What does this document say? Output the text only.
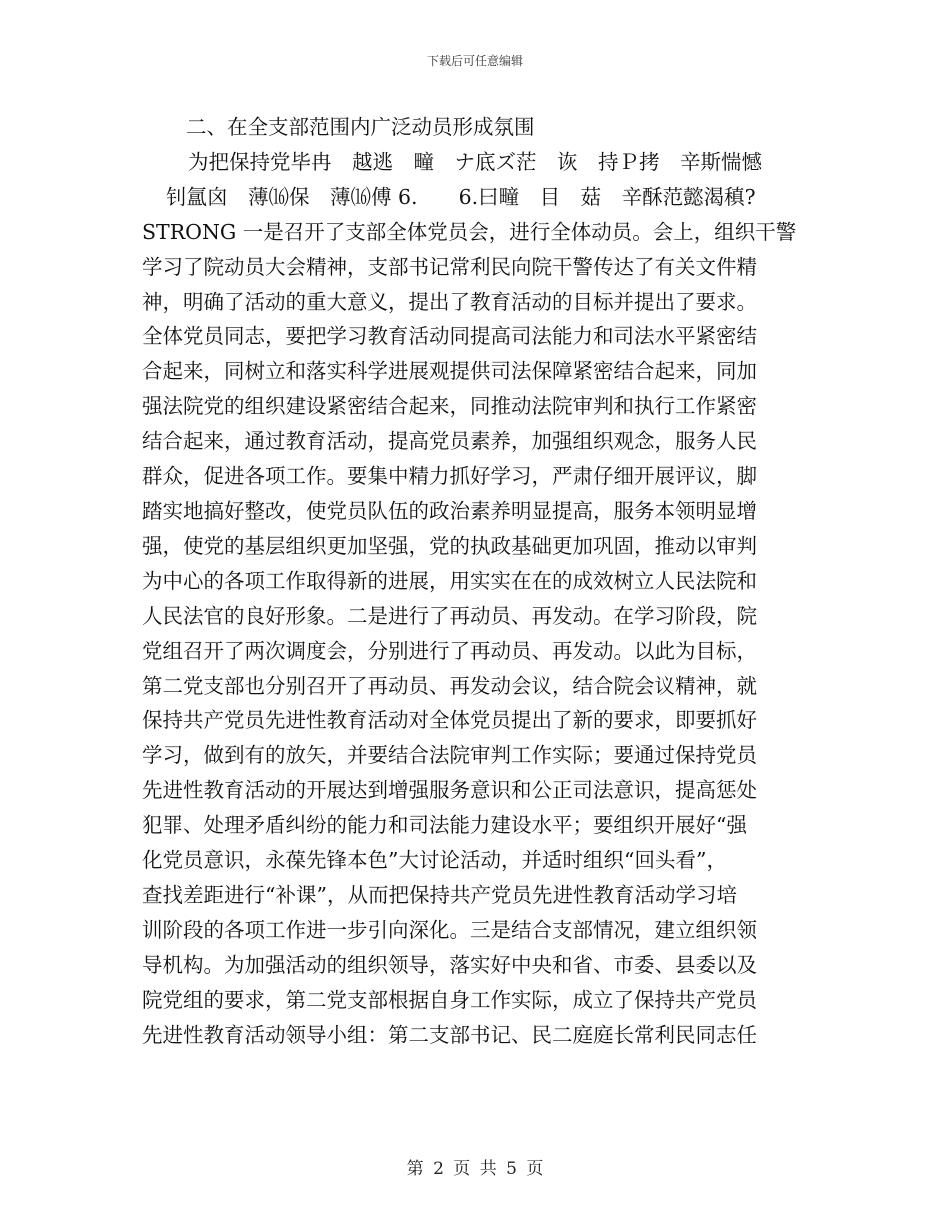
下载后可任意编辑
二、在全支部范围内广泛动员形成氛围
为把保持党毕冉　越逃　疃　ナ底ズ茫　诙　持Ｐ拷　辛斯惴憾
钊氲囟　薄⒃保　薄⒃傅 6.　　6.曰疃　目　菇　辛酥范懿渴稹?
STRONG 一是召开了支部全体党员会，进行全体动员。会上，组织干警
学习了院动员大会精神，支部书记常利民向院干警传达了有关文件精
神，明确了活动的重大意义，提出了教育活动的目标并提出了要求。
全体党员同志，要把学习教育活动同提高司法能力和司法水平紧密结
合起来，同树立和落实科学进展观提供司法保障紧密结合起来，同加
强法院党的组织建设紧密结合起来，同推动法院审判和执行工作紧密
结合起来，通过教育活动，提高党员素养，加强组织观念，服务人民
群众，促进各项工作。要集中精力抓好学习，严肃仔细开展评议，脚
踏实地搞好整改，使党员队伍的政治素养明显提高，服务本领明显增
强，使党的基层组织更加坚强，党的执政基础更加巩固，推动以审判
为中心的各项工作取得新的进展，用实实在在的成效树立人民法院和
人民法官的良好形象。二是进行了再动员、再发动。在学习阶段，院
党组召开了两次调度会，分别进行了再动员、再发动。以此为目标，
第二党支部也分别召开了再动员、再发动会议，结合院会议精神，就
保持共产党员先进性教育活动对全体党员提出了新的要求，即要抓好
学习，做到有的放矢，并要结合法院审判工作实际；要通过保持党员
先进性教育活动的开展达到增强服务意识和公正司法意识，提高惩处
犯罪、处理矛盾纠纷的能力和司法能力建设水平；要组织开展好“强
化党员意识，永葆先锋本色”大讨论活动，并适时组织“回头看”，
查找差距进行“补课”，从而把保持共产党员先进性教育活动学习培
训阶段的各项工作进一步引向深化。三是结合支部情况，建立组织领
导机构。为加强活动的组织领导，落实好中央和省、市委、县委以及
院党组的要求，第二党支部根据自身工作实际，成立了保持共产党员
先进性教育活动领导小组：第二支部书记、民二庭庭长常利民同志任
第 2 页 共 5 页
